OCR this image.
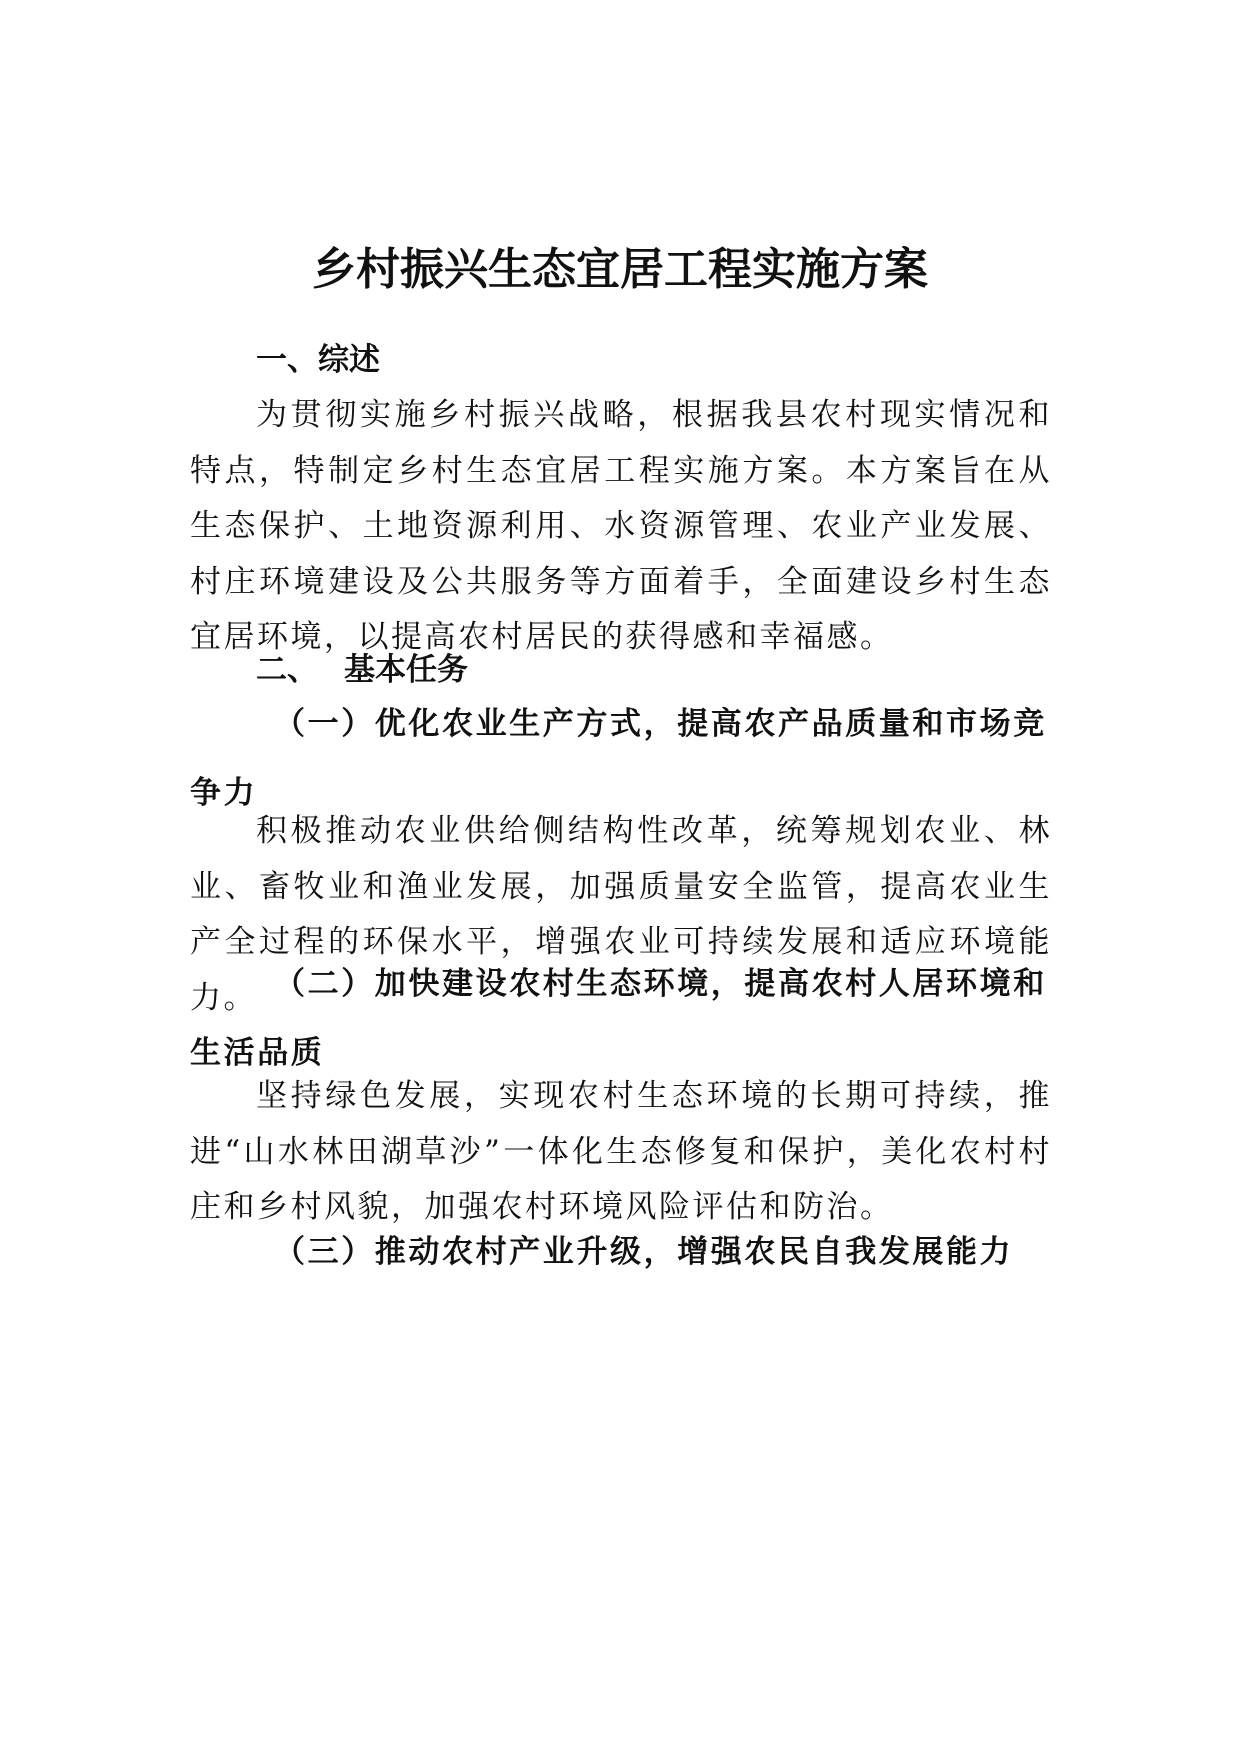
乡村振兴生态宜居工程实施方案
一、综述

为贯彻实施乡村振兴战略，根据我县农村现实情况和特点，特制定乡村生态宜居工程实施方案。本方案旨在从生态保护、土地资源利用、水资源管理、农业产业发展、村庄环境建设及公共服务等方面着手，全面建设乡村生态宜居环境，以提高农村居民的获得感和幸福感。

二、 基本任务
（一）优化农业生产方式，提高农产品质量和市场竞争力

积极推动农业供给侧结构性改革，统筹规划农业、林业、畜牧业和渔业发展，加强质量安全监管，提高农业生产全过程的环保水平，增强农业可持续发展和适应环境能力。 （二）加快建设农村生态环境，提高农村人居环境和生活品质

坚持绿色发展，实现农村生态环境的长期可持续，推进“山水林田湖草沙”一体化生态修复和保护，美化农村村庄和乡村风貌，加强农村环境风险评估和防治。

（三）推动农村产业升级，增强农民自我发展能力
